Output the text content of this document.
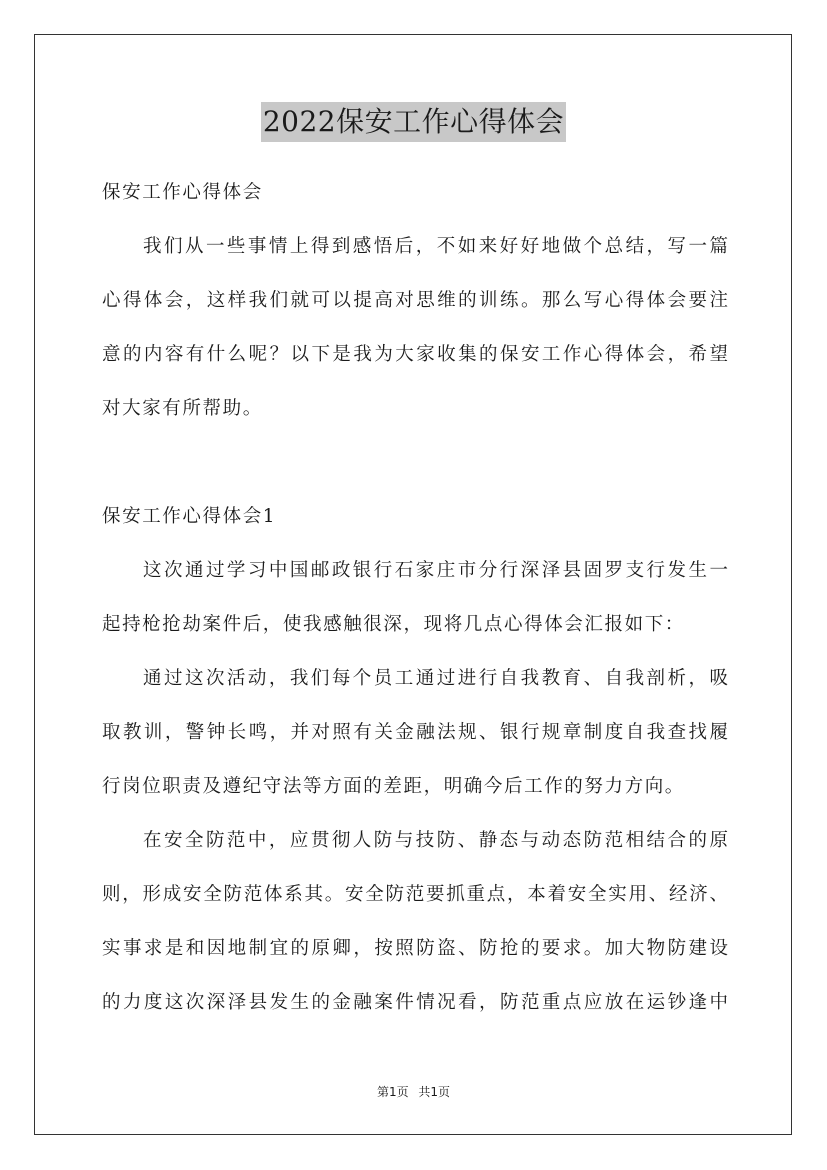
2022保安工作心得体会
保安工作心得体会
我们从一些事情上得到感悟后，不如来好好地做个总结，写一篇
心得体会，这样我们就可以提高对思维的训练。那么写心得体会要注
意的内容有什么呢？以下是我为大家收集的保安工作心得体会，希望
对大家有所帮助。
保安工作心得体会1
这次通过学习中国邮政银行石家庄市分行深泽县固罗支行发生一
起持枪抢劫案件后，使我感触很深，现将几点心得体会汇报如下：
通过这次活动，我们每个员工通过进行自我教育、自我剖析，吸
取教训，警钟长鸣，并对照有关金融法规、银行规章制度自我查找履
行岗位职责及遵纪守法等方面的差距，明确今后工作的努力方向。
在安全防范中，应贯彻人防与技防、静态与动态防范相结合的原
则，形成安全防范体系其。安全防范要抓重点，本着安全实用、经济、
实事求是和因地制宜的原卿，按照防盗、防抢的要求。加大物防建设
的力度这次深泽县发生的金融案件情况看，防范重点应放在运钞逢中
第1页 共1页
